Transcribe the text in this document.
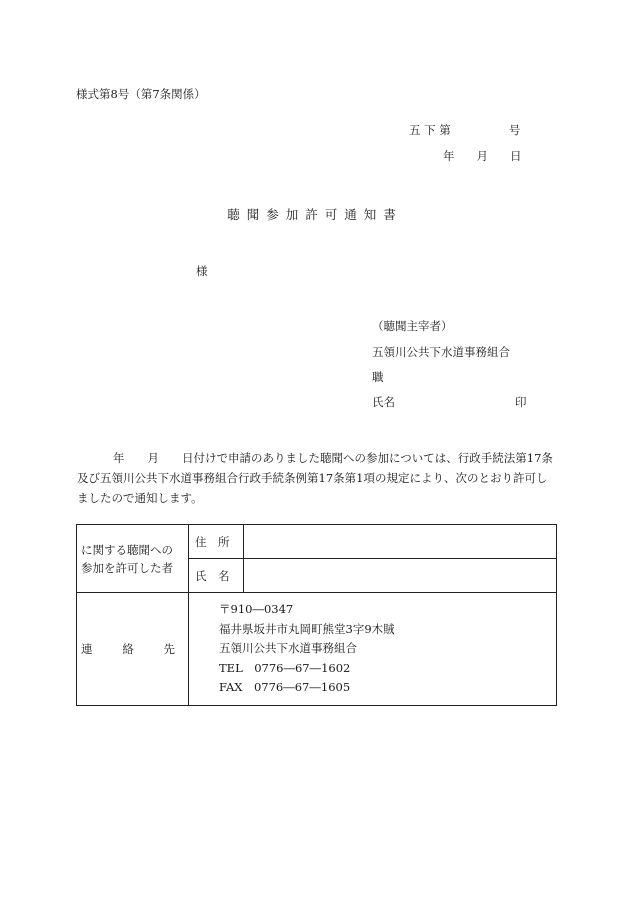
様式第8号（第7条関係）
五 下 第	号
年 月 日
聴聞参加許可通知書
様
（聴聞主宰者）
五領川公共下水道事務組合
職
氏名	印
年　　月　　日付けで申請のありました聴聞への参加については、行政手続法第17条及び五領川公共下水道事務組合行政手続条例第17条第1項の規定により、次のとおり許可しましたので通知します。
に関する聴聞への
参加を許可した者	住　所	
	氏　名	
連絡先	〒910―0347
福井県坂井市丸岡町熊堂3字9木賊
五領川公共下水道事務組合
TEL　0776―67―1602
FAX　0776―67―1605	
